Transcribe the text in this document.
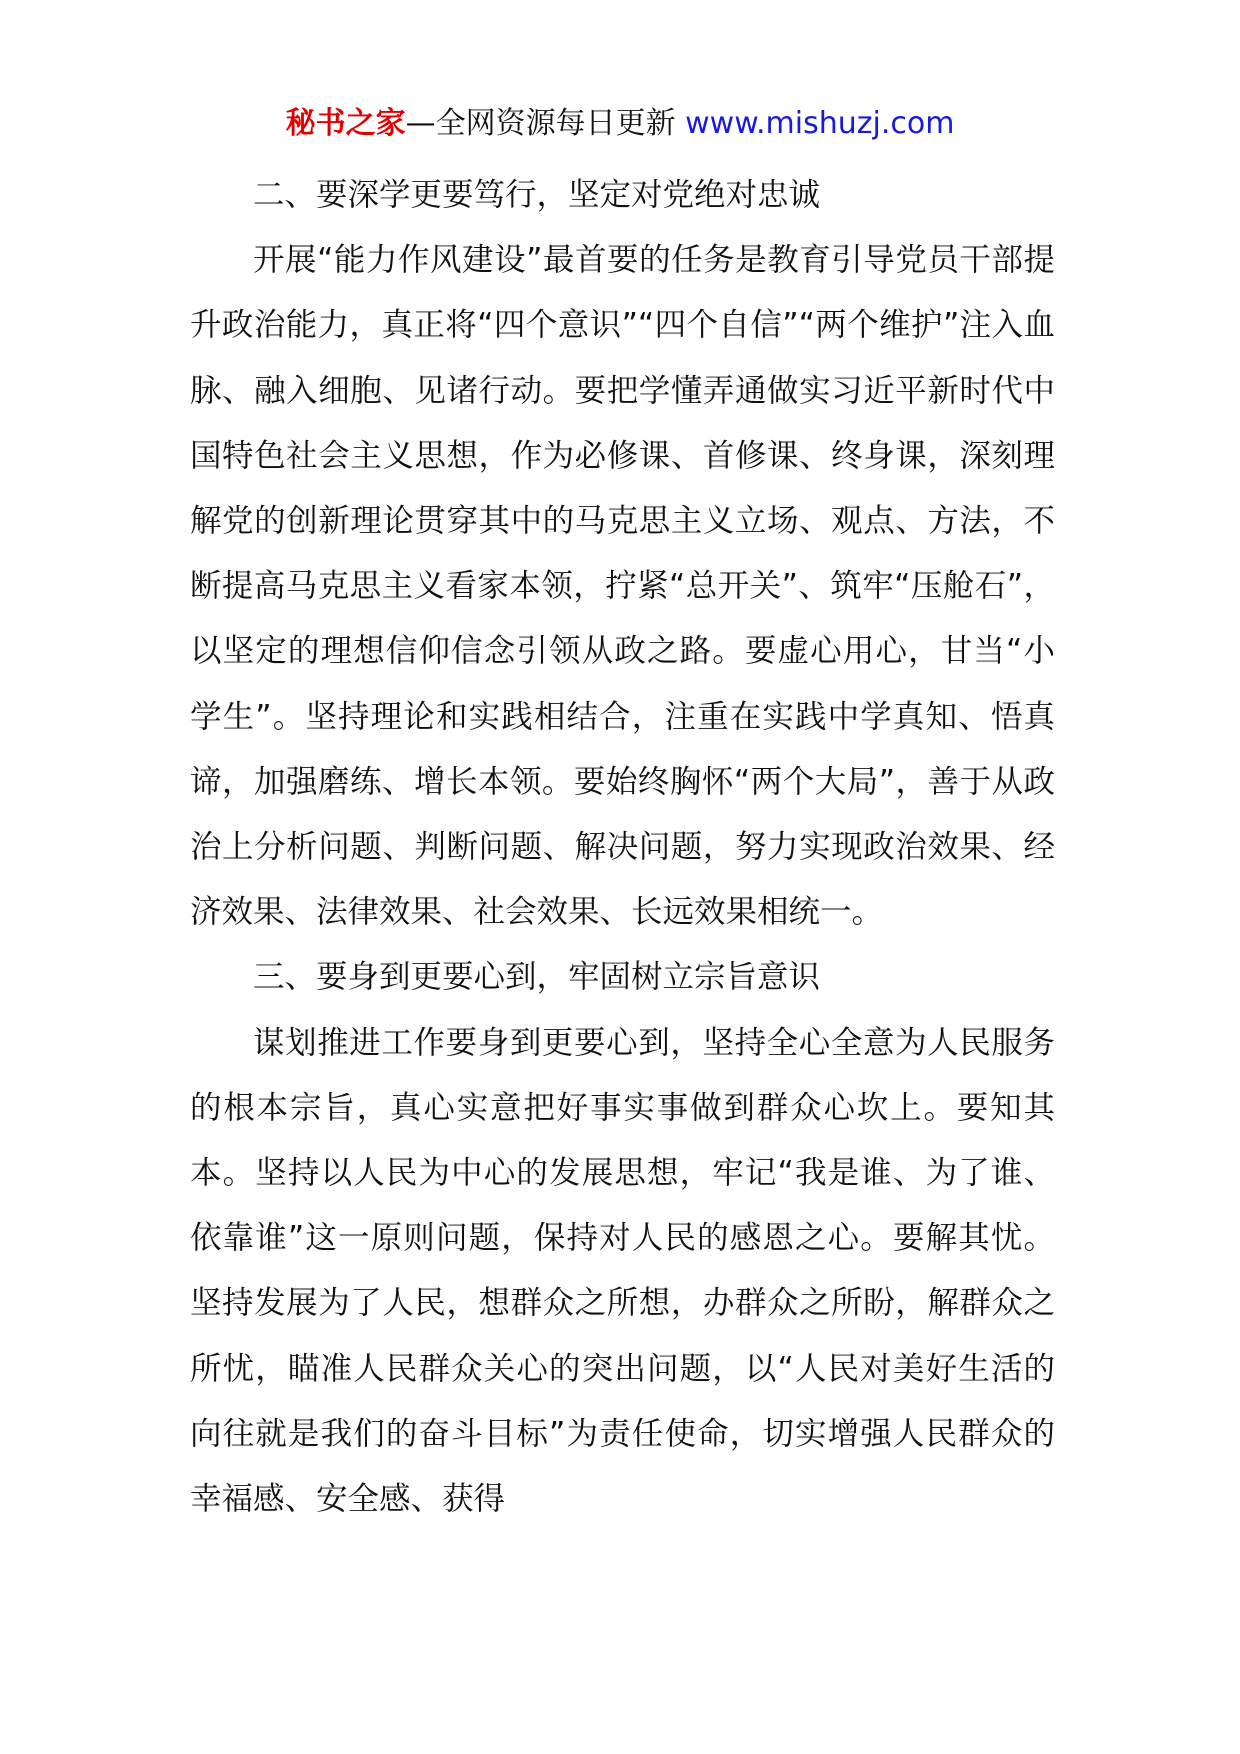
秘书之家—全网资源每日更新 www.mishuzj.com

二、要深学更要笃行，坚定对党绝对忠诚

开展“能力作风建设”最首要的任务是教育引导党员干部提升政治能力，真正将“四个意识”“四个自信”“两个维护”注入血脉、融入细胞、见诸行动。要把学懂弄通做实习近平新时代中国特色社会主义思想，作为必修课、首修课、终身课，深刻理解党的创新理论贯穿其中的马克思主义立场、观点、方法，不断提高马克思主义看家本领，拧紧“总开关”、筑牢“压舱石”，以坚定的理想信仰信念引领从政之路。要虚心用心，甘当“小学生”。坚持理论和实践相结合，注重在实践中学真知、悟真谛，加强磨练、增长本领。要始终胸怀“两个大局”，善于从政治上分析问题、判断问题、解决问题，努力实现政治效果、经济效果、法律效果、社会效果、长远效果相统一。

三、要身到更要心到，牢固树立宗旨意识

谋划推进工作要身到更要心到，坚持全心全意为人民服务的根本宗旨，真心实意把好事实事做到群众心坎上。要知其本。坚持以人民为中心的发展思想，牢记“我是谁、为了谁、依靠谁”这一原则问题，保持对人民的感恩之心。要解其忧。坚持发展为了人民，想群众之所想，办群众之所盼，解群众之所忧，瞄准人民群众关心的突出问题，以“人民对美好生活的向往就是我们的奋斗目标”为责任使命，切实增强人民群众的幸福感、安全感、获得
